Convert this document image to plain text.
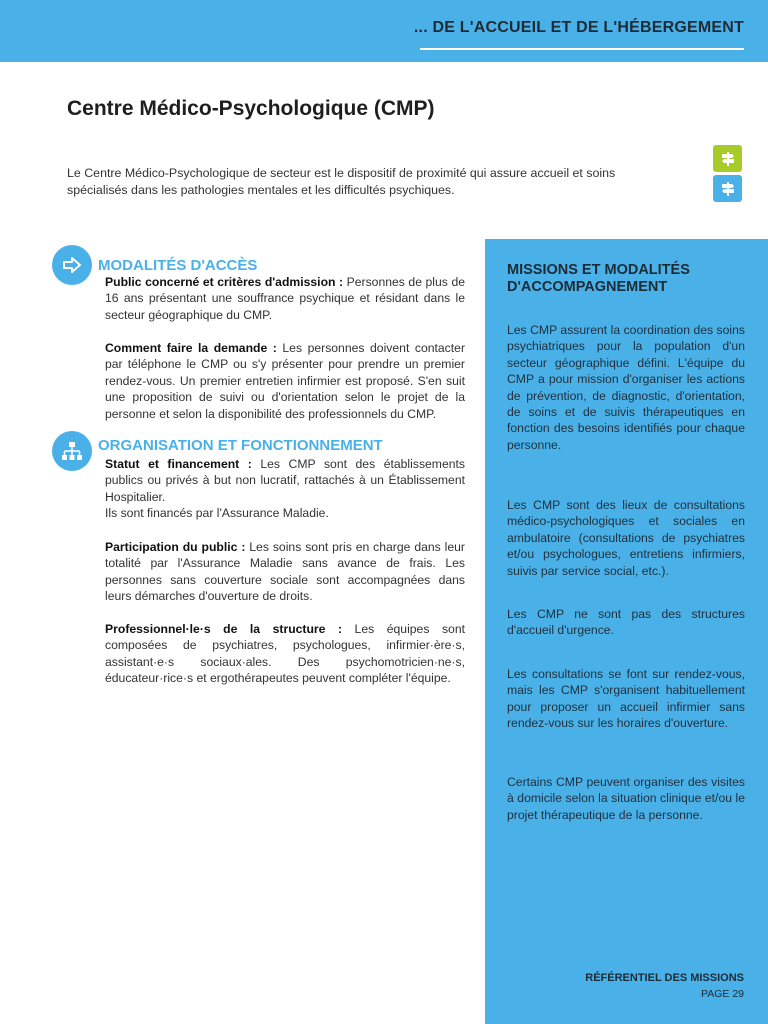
... DE L'ACCUEIL ET DE L'HÉBERGEMENT
Centre Médico-Psychologique (CMP)
Le Centre Médico-Psychologique de secteur est le dispositif de proximité qui assure accueil et soins spécialisés dans les pathologies mentales et les difficultés psychiques.
MODALITÉS D'ACCÈS
Public concerné et critères d'admission : Personnes de plus de 16 ans présentant une souffrance psychique et résidant dans le secteur géographique du CMP.
Comment faire la demande : Les personnes doivent contacter par téléphone le CMP ou s'y présenter pour prendre un premier rendez-vous. Un premier entretien infirmier est proposé. S'en suit une proposition de suivi ou d'orientation selon le projet de la personne et selon la disponibilité des professionnels du CMP.
ORGANISATION ET FONCTIONNEMENT
Statut et financement : Les CMP sont des établissements publics ou privés à but non lucratif, rattachés à un Établissement Hospitalier.
Ils sont financés par l'Assurance Maladie.
Participation du public : Les soins sont pris en charge dans leur totalité par l'Assurance Maladie sans avance de frais. Les personnes sans couverture sociale sont accompagnées dans leurs démarches d'ouverture de droits.
Professionnel·le·s de la structure : Les équipes sont composées de psychiatres, psychologues, infirmier·ère·s, assistant·e·s sociaux·ales. Des psychomotricien·ne·s, éducateur·rice·s et ergothérapeutes peuvent compléter l'équipe.
MISSIONS ET MODALITÉS D'ACCOMPAGNEMENT
Les CMP assurent la coordination des soins psychiatriques pour la population d'un secteur géographique défini. L'équipe du CMP a pour mission d'organiser les actions de prévention, de diagnostic, d'orientation, de soins et de suivis thérapeutiques en fonction des besoins identifiés pour chaque personne.
Les CMP sont des lieux de consultations médico-psychologiques et sociales en ambulatoire (consultations de psychiatres et/ou psychologues, entretiens infirmiers, suivis par service social, etc.).
Les CMP ne sont pas des structures d'accueil d'urgence.
Les consultations se font sur rendez-vous, mais les CMP s'organisent habituellement pour proposer un accueil infirmier sans rendez-vous sur les horaires d'ouverture.
Certains CMP peuvent organiser des visites à domicile selon la situation clinique et/ou le projet thérapeutique de la personne.
RÉFÉRENTIEL DES MISSIONS
PAGE 29
